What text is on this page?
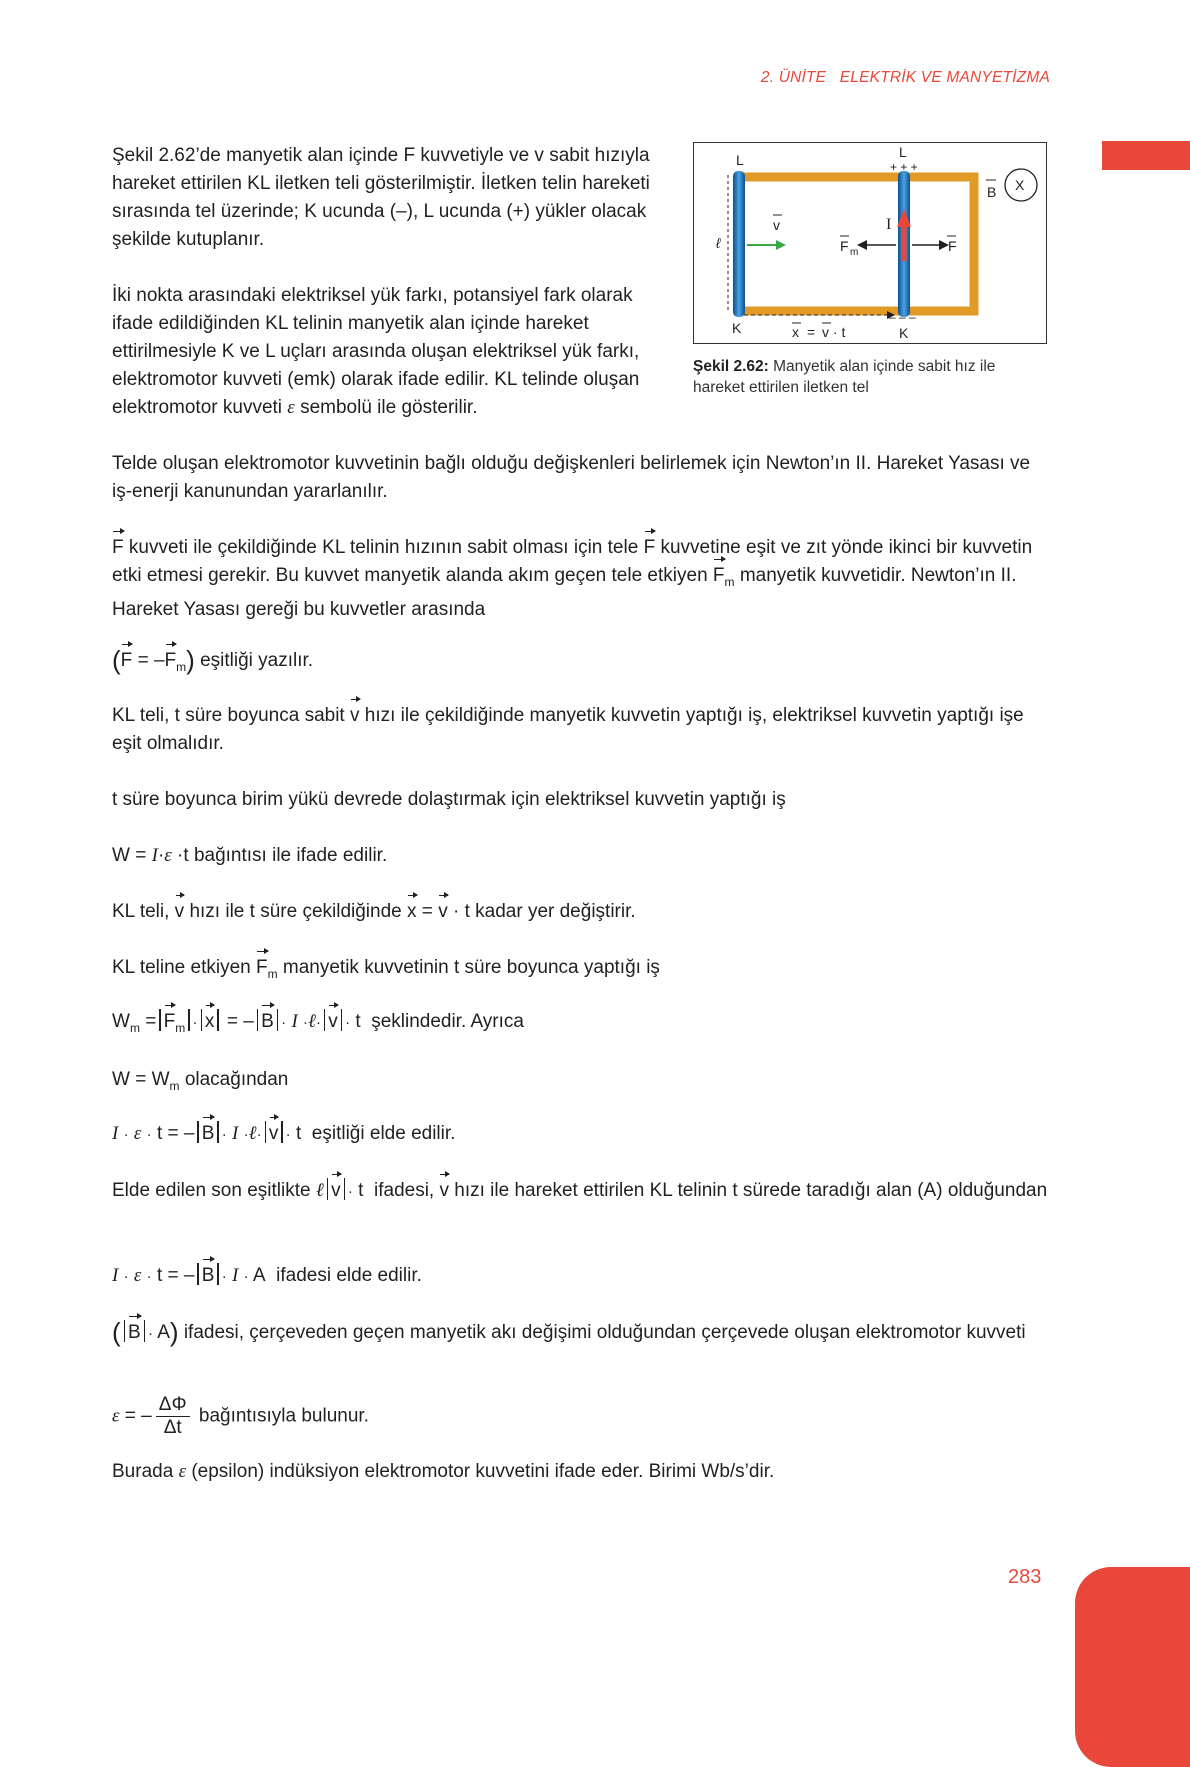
2. ÜNİTE ELEKTRİK VE MANYETİZMA
283
Şekil 2.62’de manyetik alan içinde F kuvvetiyle ve v sabit hızıyla hareket ettirilen KL iletken teli gösterilmiştir. İletken telin hareketi sırasında tel üzerinde; K ucunda (–), L ucunda (+) yükler olacak şekilde kutuplanır.
İki nokta arasındaki elektriksel yük farkı, potansiyel fark olarak ifade edildiğinden KL telinin manyetik alan içinde hareket ettirilmesiyle K ve L uçları arasında oluşan elektriksel yük farkı, elektromotor kuvveti (emk) olarak ifade edilir. KL telinde oluşan elektromotor kuvveti ε sembolü ile gösterilir.
L	L
+ + +
K	K
– – –
ℓ
v
F m	F
I
B X
x = v · t
Şekil 2.62: Manyetik alan içinde sabit hız ile hareket ettirilen iletken tel
Telde oluşan elektromotor kuvvetinin bağlı olduğu değişkenleri belirlemek için Newton’ın II. Hareket Yasası ve iş-enerji kanunundan yararlanılır.
F kuvveti ile çekildiğinde KL telinin hızının sabit olması için tele F kuvvetine eşit ve zıt yönde ikinci bir kuvvetin etki etmesi gerekir. Bu kuvvet manyetik alanda akım geçen tele etkiyen $F_m$ manyetik kuvvetidir. Newton’ın II. Hareket Yasası gereği bu kuvvetler arasında
$(F = -F_m)$ eşitliği yazılır.
KL teli, t süre boyunca sabit v hızı ile çekildiğinde manyetik kuvvetin yaptığı iş, elektriksel kuvvetin yaptığı işe eşit olmalıdır.
t süre boyunca birim yükü devrede dolaştırmak için elektriksel kuvvetin yaptığı iş
W = I·ε ·t bağıntısı ile ifade edilir.
KL teli, v hızı ile t süre çekildiğinde x = v · t kadar yer değiştirir.
KL teline etkiyen $F_m$ manyetik kuvvetinin t süre boyunca yaptığı iş
$W_m = F_m \cdot x$ = – B · I ·ℓ· v · t şeklindedir. Ayrıca
$W = W_m$ olacağından
I · ε · t = – B · I ·ℓ· v · t eşitliği elde edilir.
Elde edilen son eşitlikte ℓ v · t ifadesi, v hızı ile hareket ettirilen KL telinin t sürede taradığı alan (A) olduğundan
I · ε · t = – B · I · A ifadesi elde edilir.
( B · A) ifadesi, çerçeveden geçen manyetik akı değişimi olduğundan çerçevede oluşan elektromotor kuvveti
ε = – $\frac{\Delta\Phi}{\Delta t}$ bağıntısıyla bulunur.
Burada ε (epsilon) indüksiyon elektromotor kuvvetini ifade eder. Birimi Wb/s’dir.
